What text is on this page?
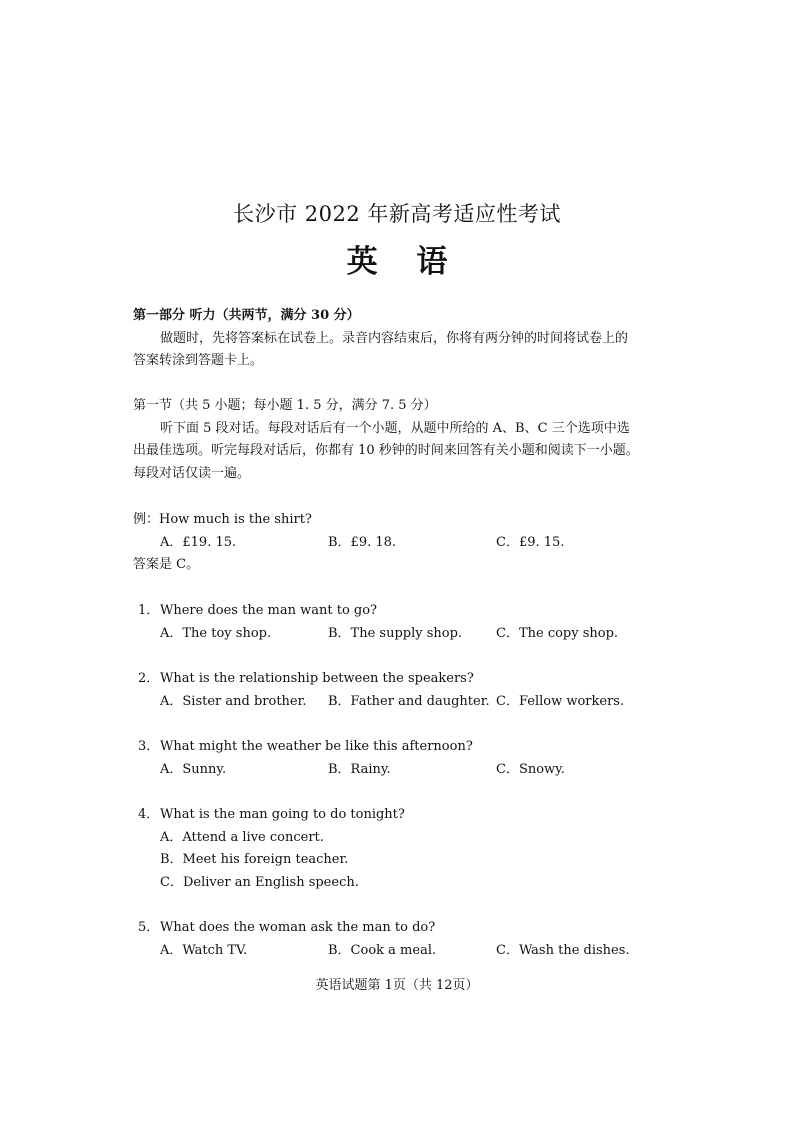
长沙市 2022 年新高考适应性考试
英 语
第一部分 听力（共两节，满分 30 分）
做题时，先将答案标在试卷上。录音内容结束后，你将有两分钟的时间将试卷上的
答案转涂到答题卡上。
第一节（共 5 小题；每小题 1. 5 分，满分 7. 5 分）
听下面 5 段对话。每段对话后有一个小题，从题中所给的 A、B、C 三个选项中选
出最佳选项。听完每段对话后，你都有 10 秒钟的时间来回答有关小题和阅读下一小题。
每段对话仅读一遍。
例：How much is the shirt?
A．£19. 15.	B．£9. 18.	C．£9. 15.
答案是 C。
1． Where does the man want to go?
A．The toy shop.	B．The supply shop.	C．The copy shop.
2． What is the relationship between the speakers?
A．Sister and brother. B．Father and daughter. C．Fellow workers.
3． What might the weather be like this afternoon?
A．Sunny.	B．Rainy.	C．Snowy.
4． What is the man going to do tonight?
A．Attend a live concert.
B．Meet his foreign teacher.
C．Deliver an English speech.
5． What does the woman ask the man to do?
A．Watch TV.	B．Cook a meal.	C．Wash the dishes.
英语试题第 1页（共 12页）
